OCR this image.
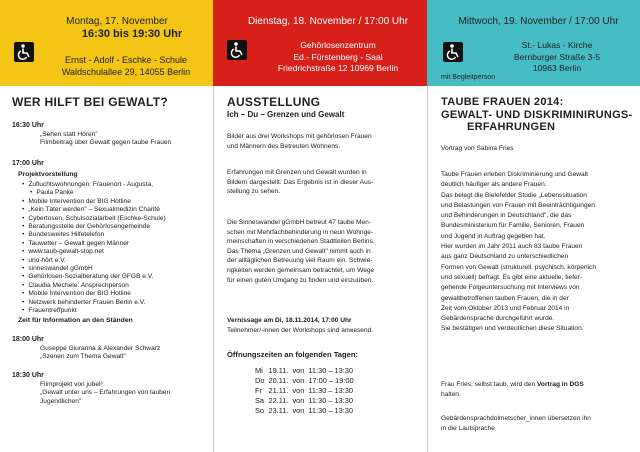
Montag, 17. November
16:30 bis 19:30 Uhr
Ernst - Adolf - Eschke - Schule
Waldschulallee 29, 14055 Berlin
WER HILFT BEI GEWALT?
16:30 Uhr
„Sehen statt Hören"
Filmbeitrag über Gewalt gegen taube Frauen
17:00 Uhr
Projektvorstellung
• Zufluchtswohnungen: Frauenort - Augusta,
• Paula Panke
• Mobile Intervention der BIG Hotline
• „Kein Täter werden" – Sexualmedizin Charité
• Cybertosen, Schulsozialarbeit (Eschke-Schule)
• Beratungsstelle der Gehörlosengemeinde
• Bundesweites Hilfetelefon
• Tauwetter – Gewalt gegen Männer
• www.taub-gewalt-stop.net
• uno-hört e.V.
• sinneswandel gGmbH
• Gehörlosen-Sozialberatung der GFGB e.V.
• Claudia Mechele: Ansprechperson
• Mobile Intervention der BIG Hotline
• Netzwerk behinderter Frauen Berlin e.V.
• Frauentreffpunkt
Zeit für Information an den Ständen
18:00 Uhr
Guseppe Giuranna & Alexander Schwarz
„Szenen zum Thema Gewalt"
18:30 Uhr
Filmprojekt von jubel³
„Gewalt unter uns – Erfahrungen von tauben
Jugendlichen"
Dienstag, 18. November / 17:00 Uhr
Gehörlosenzentrum
Ed.- Fürstenberg - Saal
Friedrichstraße 12 10969 Berlin
AUSSTELLUNG
Ich – Du – Grenzen und Gewalt
Bilder aus drei Workshops mit gehörlosen Frauen
und Männern des Betreuten Wohnens.
Erfahrungen mit Grenzen und Gewalt wurden in
Bildern dargestellt. Das Ergebnis ist in dieser Aus-
stellung zu sehen.
Die Sinneswandel gGmbH betreut 47 taube Men-
schen mit Mehrfachbehinderung in neun Wohnge-
meinschaften in verschiedenen Stadtteilen Berlins.
Das Thema „Grenzen und Gewalt" nimmt auch in
der alltäglichen Betreuung viel Raum ein. Schwie-
rigkeiten werden gemeinsam betrachtet, um Wege
für einen guten Umgang zu finden und einzuüben.
Vernissage am Di, 18.11.2014, 17:00 Uhr
Teilnehmer/-innen der Workshops sind anwesend.
Öffnungszeiten an folgenden Tagen:
Mi	19.11.	von	11:30 – 13:30
Do	20.11.	von	17:00 – 19:00
Fr	21.11.	von	11:30 – 13:30
Sa	22.11.	von	11:30 – 13:30
So	23.11.	von	11:30 – 13:30
Mittwoch, 19. November / 17:00 Uhr
St.- Lukas - Kirche
Bernburger Straße 3-5
10963 Berlin
mit Begleitperson
TAUBE FRAUEN 2014:
GEWALT- UND DISKRIMINIRUNGS-
ERFAHRUNGEN
Vortrag von Sabina Fries
Taube Frauen erleben Diskriminierung und Gewalt
deutlich häufiger als andere Frauen.
Das belegt die Bielefelder Studie „Lebenssituation
und Belastungen von Frauen mit Beeinträchtigungen
und Behinderungen in Deutschland", die das
Bundesministerium für Familie, Senioren, Frauen
und Jugend in Auftrag gegeben hat.
Hier wurden im Jahr 2011 auch 83 taube Frauen
aus ganz Deutschland zu unterschiedlichen
Formen von Gewalt (strukturell, psychisch, körperlich
und sexuell) befragt. Es gibt eine aktuelle, tiefer-
gehende Folgeuntersuchung mit Interviews von
gewaltbetroffenen tauben Frauen, die in der
Zeit vom Oktober 2013 und Februar 2014 in
Gebärdensprache durchgeführt wurde.
Sie bestätigen und verdeutlichen diese Situation.
Frau Fries, selbst taub, wird den Vortrag in DGS
halten.
Gebärdensprachdolmetscher_innen übersetzen ihn
in die Lautsprache
